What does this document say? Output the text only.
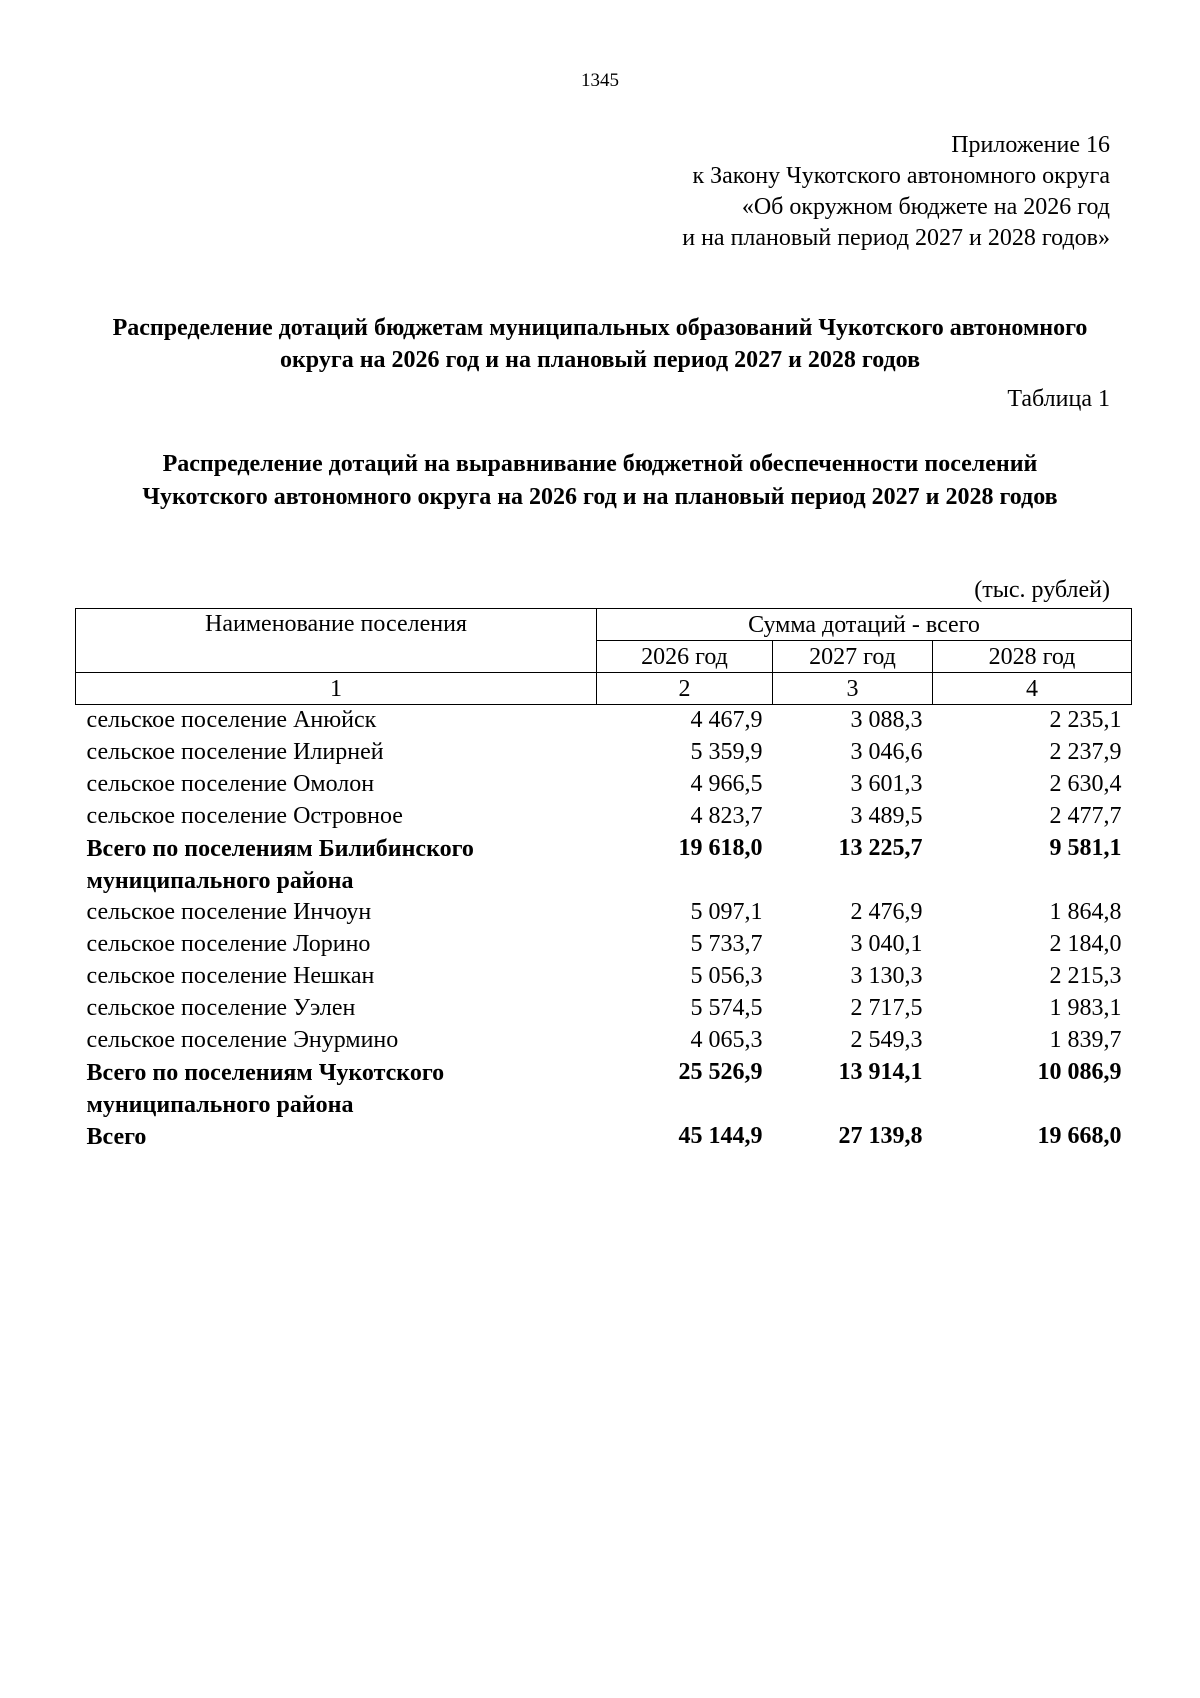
1345
Приложение 16
к Закону Чукотского автономного округа
«Об окружном бюджете на 2026 год
и на плановый период 2027 и 2028 годов»
Распределение дотаций бюджетам муниципальных образований Чукотского автономного округа на 2026 год и на плановый период 2027 и 2028 годов
Таблица 1
Распределение дотаций на выравнивание бюджетной обеспеченности поселений Чукотского автономного округа на 2026 год и на плановый период 2027 и 2028 годов
(тыс. рублей)
Наименование поселения	Сумма дотаций - всего		
	2026 год	2027 год	2028 год
1	2	3	4
сельское поселение Анюйск	4 467,9	3 088,3	2 235,1
сельское поселение Илирней	5 359,9	3 046,6	2 237,9
сельское поселение Омолон	4 966,5	3 601,3	2 630,4
сельское поселение Островное	4 823,7	3 489,5	2 477,7
Всего по поселениям Билибинского муниципального района	19 618,0	13 225,7	9 581,1
сельское поселение Инчоун	5 097,1	2 476,9	1 864,8
сельское поселение Лорино	5 733,7	3 040,1	2 184,0
сельское поселение Нешкан	5 056,3	3 130,3	2 215,3
сельское поселение Уэлен	5 574,5	2 717,5	1 983,1
сельское поселение Энурмино	4 065,3	2 549,3	1 839,7
Всего по поселениям Чукотского муниципального района	25 526,9	13 914,1	10 086,9
Всего	45 144,9	27 139,8	19 668,0
